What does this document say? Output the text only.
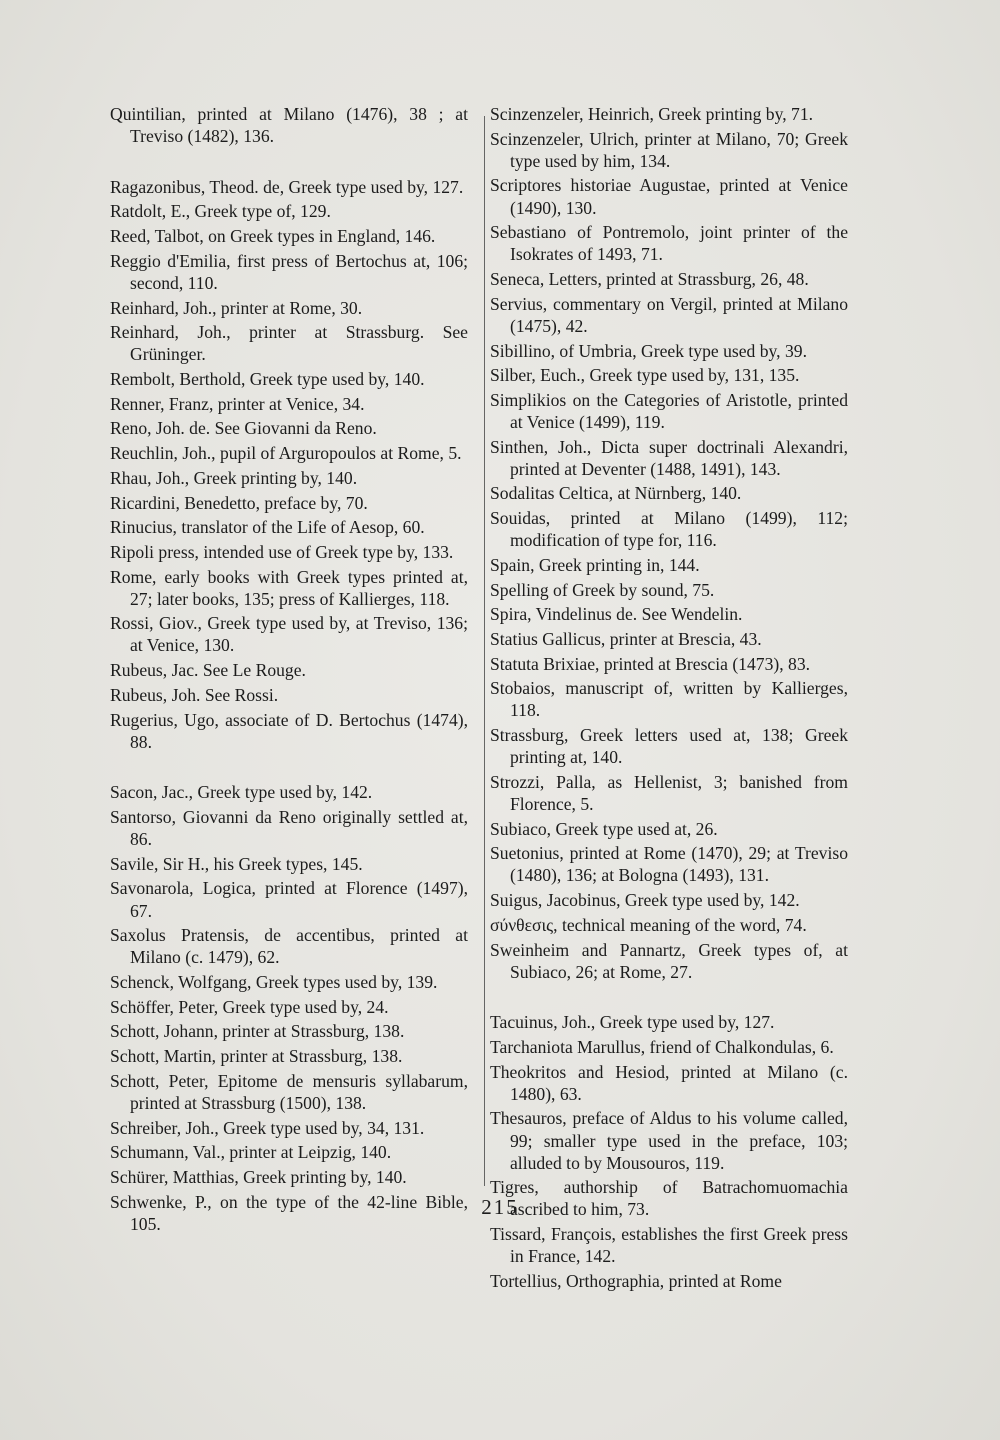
Quintilian, printed at Milano (1476), 38 ; at Treviso (1482), 136.
Ragazonibus, Theod. de, Greek type used by, 127.
Ratdolt, E., Greek type of, 129.
Reed, Talbot, on Greek types in England, 146.
Reggio d'Emilia, first press of Bertochus at, 106; second, 110.
Reinhard, Joh., printer at Rome, 30.
Reinhard, Joh., printer at Strassburg. See Grüninger.
Rembolt, Berthold, Greek type used by, 140.
Renner, Franz, printer at Venice, 34.
Reno, Joh. de. See Giovanni da Reno.
Reuchlin, Joh., pupil of Arguropoulos at Rome, 5.
Rhau, Joh., Greek printing by, 140.
Ricardini, Benedetto, preface by, 70.
Rinucius, translator of the Life of Aesop, 60.
Ripoli press, intended use of Greek type by, 133.
Rome, early books with Greek types printed at, 27; later books, 135; press of Kallierges, 118.
Rossi, Giov., Greek type used by, at Treviso, 136; at Venice, 130.
Rubeus, Jac. See Le Rouge.
Rubeus, Joh. See Rossi.
Rugerius, Ugo, associate of D. Bertochus (1474), 88.
Sacon, Jac., Greek type used by, 142.
Santorso, Giovanni da Reno originally settled at, 86.
Savile, Sir H., his Greek types, 145.
Savonarola, Logica, printed at Florence (1497), 67.
Saxolus Pratensis, de accentibus, printed at Milano (c. 1479), 62.
Schenck, Wolfgang, Greek types used by, 139.
Schöffer, Peter, Greek type used by, 24.
Schott, Johann, printer at Strassburg, 138.
Schott, Martin, printer at Strassburg, 138.
Schott, Peter, Epitome de mensuris syllabarum, printed at Strassburg (1500), 138.
Schreiber, Joh., Greek type used by, 34, 131.
Schumann, Val., printer at Leipzig, 140.
Schürer, Matthias, Greek printing by, 140.
Schwenke, P., on the type of the 42-line Bible, 105.
Scinzenzeler, Heinrich, Greek printing by, 71.
Scinzenzeler, Ulrich, printer at Milano, 70; Greek type used by him, 134.
Scriptores historiae Augustae, printed at Venice (1490), 130.
Sebastiano of Pontremolo, joint printer of the Isokrates of 1493, 71.
Seneca, Letters, printed at Strassburg, 26, 48.
Servius, commentary on Vergil, printed at Milano (1475), 42.
Sibillino, of Umbria, Greek type used by, 39.
Silber, Euch., Greek type used by, 131, 135.
Simplikios on the Categories of Aristotle, printed at Venice (1499), 119.
Sinthen, Joh., Dicta super doctrinali Alexandri, printed at Deventer (1488, 1491), 143.
Sodalitas Celtica, at Nürnberg, 140.
Souidas, printed at Milano (1499), 112; modification of type for, 116.
Spain, Greek printing in, 144.
Spelling of Greek by sound, 75.
Spira, Vindelinus de. See Wendelin.
Statius Gallicus, printer at Brescia, 43.
Statuta Brixiae, printed at Brescia (1473), 83.
Stobaios, manuscript of, written by Kallierges, 118.
Strassburg, Greek letters used at, 138; Greek printing at, 140.
Strozzi, Palla, as Hellenist, 3; banished from Florence, 5.
Subiaco, Greek type used at, 26.
Suetonius, printed at Rome (1470), 29; at Treviso (1480), 136; at Bologna (1493), 131.
Suigus, Jacobinus, Greek type used by, 142.
σύνθεσις, technical meaning of the word, 74.
Sweinheim and Pannartz, Greek types of, at Subiaco, 26; at Rome, 27.
Tacuinus, Joh., Greek type used by, 127.
Tarchaniota Marullus, friend of Chalkondulas, 6.
Theokritos and Hesiod, printed at Milano (c. 1480), 63.
Thesauros, preface of Aldus to his volume called, 99; smaller type used in the preface, 103; alluded to by Mousouros, 119.
Tigres, authorship of Batrachomuomachia ascribed to him, 73.
Tissard, François, establishes the first Greek press in France, 142.
Tortellius, Orthographia, printed at Rome
215
